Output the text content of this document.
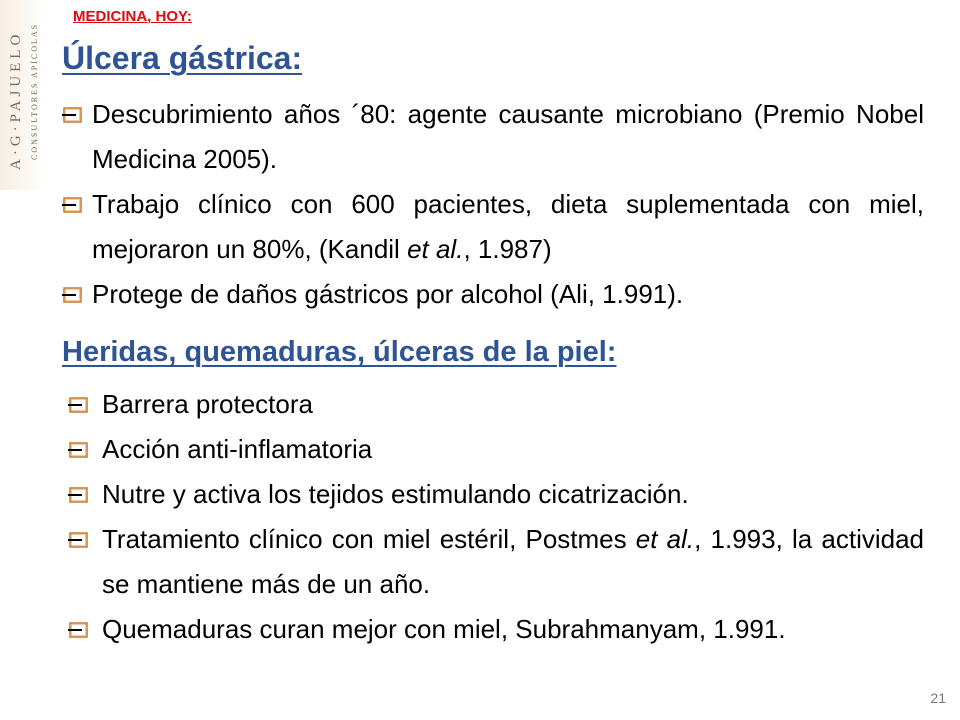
A·G·PAJUELO CONSULTORES APÍCOLAS
MEDICINA, HOY:
Úlcera gástrica:
Descubrimiento años ´80: agente causante microbiano (Premio Nobel Medicina 2005).
Trabajo clínico con 600 pacientes, dieta suplementada con miel, mejoraron un 80%, (Kandil et al., 1.987)
Protege de daños gástricos por alcohol (Ali, 1.991).
Heridas, quemaduras, úlceras de la piel:
Barrera protectora
Acción anti-inflamatoria
Nutre y activa los tejidos estimulando cicatrización.
Tratamiento clínico con miel estéril, Postmes et al., 1.993, la actividad se mantiene más de un año.
Quemaduras curan mejor con miel, Subrahmanyam, 1.991.
21
